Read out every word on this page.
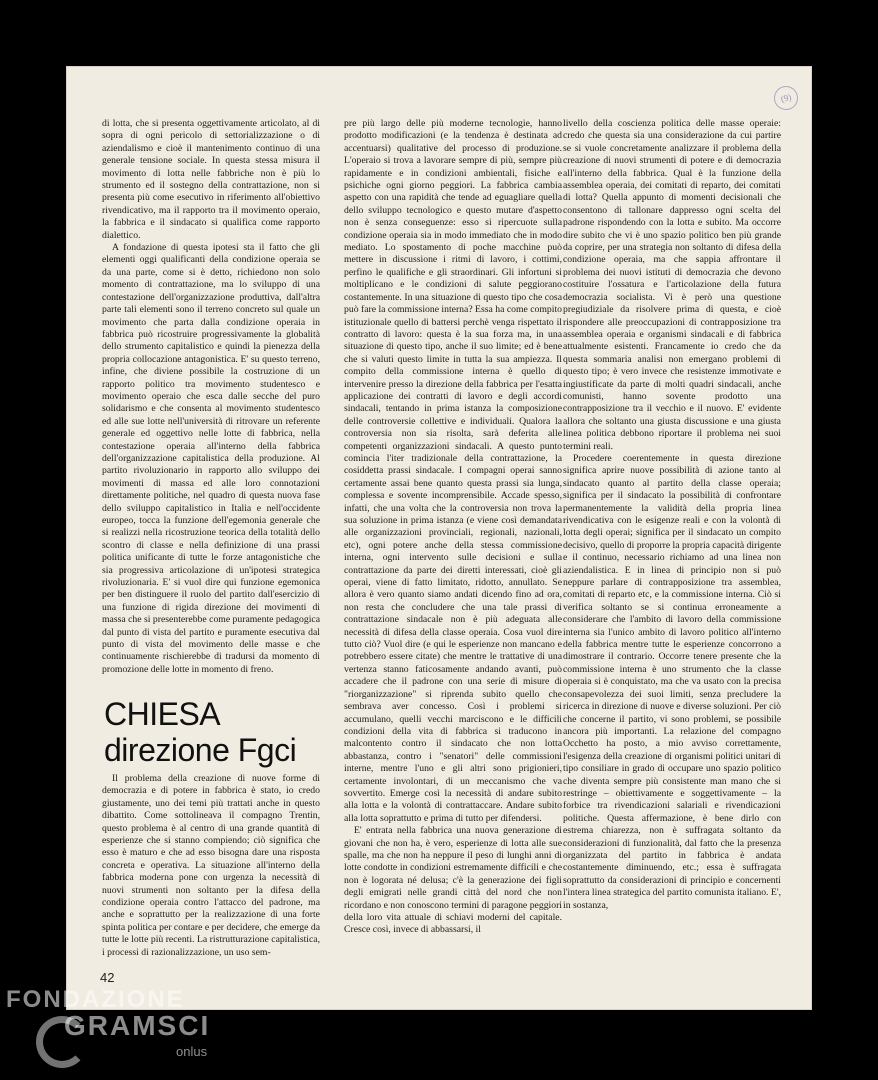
(9)

di lotta, che si presenta oggettivamente articolato, al di sopra di ogni pericolo di settorializzazione o di aziendalismo e cioè il mantenimento continuo di una generale tensione sociale. In questa stessa misura il movimento di lotta nelle fabbriche non è più lo strumento ed il sostegno della contrattazione, non si presenta più come esecutivo in riferimento all'obiettivo rivendicativo, ma il rapporto tra il movimento operaio, la fabbrica e il sindacato si qualifica come rapporto dialettico.

A fondazione di questa ipotesi sta il fatto che gli elementi oggi qualificanti della condizione operaia se da una parte, come si è detto, richiedono non solo momento di contrattazione, ma lo sviluppo di una contestazione dell'organizzazione produttiva, dall'altra parte tali elementi sono il terreno concreto sul quale un movimento che parta dalla condizione operaia in fabbrica può ricostruire progressivamente la globalità dello strumento capitalistico e quindi la pienezza della propria collocazione antagonistica. E' su questo terreno, infine, che diviene possibile la costruzione di un rapporto politico tra movimento studentesco e movimento operaio che esca dalle secche del puro solidarismo e che consenta al movimento studentesco ed alle sue lotte nell'università di ritrovare un referente generale ed oggettivo nelle lotte di fabbrica, nella contestazione operaia all'interno della fabbrica dell'organizzazione capitalistica della produzione. Al partito rivoluzionario in rapporto allo sviluppo dei movimenti di massa ed alle loro connotazioni direttamente politiche, nel quadro di questa nuova fase dello sviluppo capitalistico in Italia e nell'occidente europeo, tocca la funzione dell'egemonia generale che si realizzi nella ricostruzione teorica della totalità dello scontro di classe e nella definizione di una prassi politica unificante di tutte le forze antagonistiche che sia progressiva articolazione di un'ipotesi strategica rivoluzionaria. E' si vuol dire qui funzione egemonica per ben distinguere il ruolo del partito dall'esercizio di una funzione di rigida direzione dei movimenti di massa che si presenterebbe come puramente pedagogica dal punto di vista del partito e puramente esecutiva dal punto di vista del movimento delle masse e che continuamente rischierebbe di tradursi da momento di promozione delle lotte in momento di freno.

CHIESA
direzione Fgci

Il problema della creazione di nuove forme di democrazia e di potere in fabbrica è stato, io credo giustamente, uno dei temi più trattati anche in questo dibattito. Come sottolineava il compagno Trentin, questo problema è al centro di una grande quantità di esperienze che si stanno compiendo; ciò significa che esso è maturo e che ad esso bisogna dare una risposta concreta e operativa. La situazione all'interno della fabbrica moderna pone con urgenza la necessità di nuovi strumenti non soltanto per la difesa della condizione operaia contro l'attacco del padrone, ma anche e soprattutto per la realizzazione di una forte spinta politica per contare e per decidere, che emerge da tutte le lotte più recenti. La ristrutturazione capitalistica, i processi di razionalizzazione, un uso sem-

pre più largo delle più moderne tecnologie, hanno prodotto modificazioni (e la tendenza è destinata ad accentuarsi) qualitative del processo di produzione. L'operaio si trova a lavorare sempre di più, sempre più rapidamente e in condizioni ambientali, fisiche e psichiche ogni giorno peggiori. La fabbrica cambia aspetto con una rapidità che tende ad eguagliare quella dello sviluppo tecnologico e questo mutare d'aspetto non è senza conseguenze: esso si ripercuote sulla condizione operaia sia in modo immediato che in modo mediato. Lo spostamento di poche macchine può mettere in discussione i ritmi di lavoro, i cottimi, perfino le qualifiche e gli straordinari. Gli infortuni si moltiplicano e le condizioni di salute peggiorano costantemente. In una situazione di questo tipo che cosa può fare la commissione interna? Essa ha come compito istituzionale quello di battersi perchè venga rispettato il contratto di lavoro: questa è la sua forza ma, in una situazione di questo tipo, anche il suo limite; ed è bene che si valuti questo limite in tutta la sua ampiezza. Il compito della commissione interna è quello di intervenire presso la direzione della fabbrica per l'esatta applicazione dei contratti di lavoro e degli accordi sindacali, tentando in prima istanza la composizione delle controversie collettive e individuali. Qualora la controversia non sia risolta, sarà deferita alle competenti organizzazioni sindacali. A questo punto comincia l'iter tradizionale della contrattazione, la cosiddetta prassi sindacale. I compagni operai sanno certamente assai bene quanto questa prassi sia lunga, complessa e sovente incomprensibile. Accade spesso, infatti, che una volta che la controversia non trova la sua soluzione in prima istanza (e viene così demandata alle organizzazioni provinciali, regionali, nazionali, etc), ogni potere anche della stessa commissione interna, ogni intervento sulle decisioni e sulla contrattazione da parte dei diretti interessati, cioè gli operai, viene di fatto limitato, ridotto, annullato. Se allora è vero quanto siamo andati dicendo fino ad ora, non resta che concludere che una tale prassi di contrattazione sindacale non è più adeguata alle necessità di difesa della classe operaia. Cosa vuol dire tutto ciò? Vuol dire (e qui le esperienze non mancano e potrebbero essere citate) che mentre le trattative di una vertenza stanno faticosamente andando avanti, può accadere che il padrone con una serie di misure di "riorganizzazione" si riprenda subito quello che sembrava aver concesso. Così i problemi si accumulano, quelli vecchi marciscono e le difficili condizioni della vita di fabbrica si traducono in malcontento contro il sindacato che non lotta abbastanza, contro i "senatori" delle commissioni interne, mentre l'uno e gli altri sono prigionieri, certamente involontari, di un meccanismo che va sovvertito. Emerge così la necessità di andare subito alla lotta e la volontà di contrattaccare. Andare subito alla lotta soprattutto e prima di tutto per difendersi.

E' entrata nella fabbrica una nuova generazione di giovani che non ha, è vero, esperienze di lotta alle sue spalle, ma che non ha neppure il peso di lunghi anni di lotte condotte in condizioni estremamente difficili e che non è logorata né delusa; c'è la generazione dei figli degli emigrati nelle grandi città del nord che non ricordano e non conoscono termini di paragone peggiori della loro vita attuale di schiavi moderni del capitale. Cresce così, invece di abbassarsi, il

livello della coscienza politica delle masse operaie: credo che questa sia una considerazione da cui partire se si vuole concretamente analizzare il problema della creazione di nuovi strumenti di potere e di democrazia all'interno della fabbrica. Qual è la funzione della assemblea operaia, dei comitati di reparto, dei comitati di lotta? Quella appunto di momenti decisionali che consentono di tallonare dappresso ogni scelta del padrone rispondendo con la lotta e subito. Ma occorre dire subito che vi è uno spazio politico ben più grande da coprire, per una strategia non soltanto di difesa della condizione operaia, ma che sappia affrontare il problema dei nuovi istituti di democrazia che devono costituire l'ossatura e l'articolazione della futura democrazia socialista. Vi è però una questione pregiudiziale da risolvere prima di questa, e cioè rispondere alle preoccupazioni di contrapposizione tra assemblea operaia e organismi sindacali e di fabbrica attualmente esistenti. Francamente io credo che da questa sommaria analisi non emergano problemi di questo tipo; è vero invece che resistenze immotivate e ingiustificate da parte di molti quadri sindacali, anche comunisti, hanno sovente prodotto una contrapposizione tra il vecchio e il nuovo. E' evidente allora che soltanto una giusta discussione e una giusta linea politica debbono riportare il problema nei suoi termini reali.

Procedere coerentemente in questa direzione significa aprire nuove possibilità di azione tanto al sindacato quanto al partito della classe operaia; significa per il sindacato la possibilità di confrontare permanentemente la validità della propria linea rivendicativa con le esigenze reali e con la volontà di lotta degli operai; significa per il sindacato un compito decisivo, quello di proporre la propria capacità dirigente e il continuo, necessario richiamo ad una linea non aziendalistica. E in linea di principio non si può neppure parlare di contrapposizione tra assemblea, comitati di reparto etc, e la commissione interna. Ciò si verifica soltanto se si continua erroneamente a considerare che l'ambito di lavoro della commissione interna sia l'unico ambito di lavoro politico all'interno della fabbrica mentre tutte le esperienze concorrono a dimostrare il contrario. Occorre tenere presente che la commissione interna è uno strumento che la classe operaia si è conquistato, ma che va usato con la precisa consapevolezza dei suoi limiti, senza precludere la ricerca in direzione di nuove e diverse soluzioni. Per ciò che concerne il partito, vi sono problemi, se possibile ancora più importanti. La relazione del compagno Occhetto ha posto, a mio avviso correttamente, l'esigenza della creazione di organismi politici unitari di tipo consiliare in grado di occupare uno spazio politico che diventa sempre più consistente man mano che si restringe – obiettivamente e soggettivamente – la forbice tra rivendicazioni salariali e rivendicazioni politiche. Questa affermazione, è bene dirlo con estrema chiarezza, non è suffragata soltanto da considerazioni di funzionalità, dal fatto che la presenza organizzata del partito in fabbrica è andata costantemente diminuendo, etc.; essa è suffragata soprattutto da considerazioni di principio e concernenti l'intera linea strategica del partito comunista italiano. E', in sostanza,

42
FONDAZIONE
GRAMSCI
onlus
